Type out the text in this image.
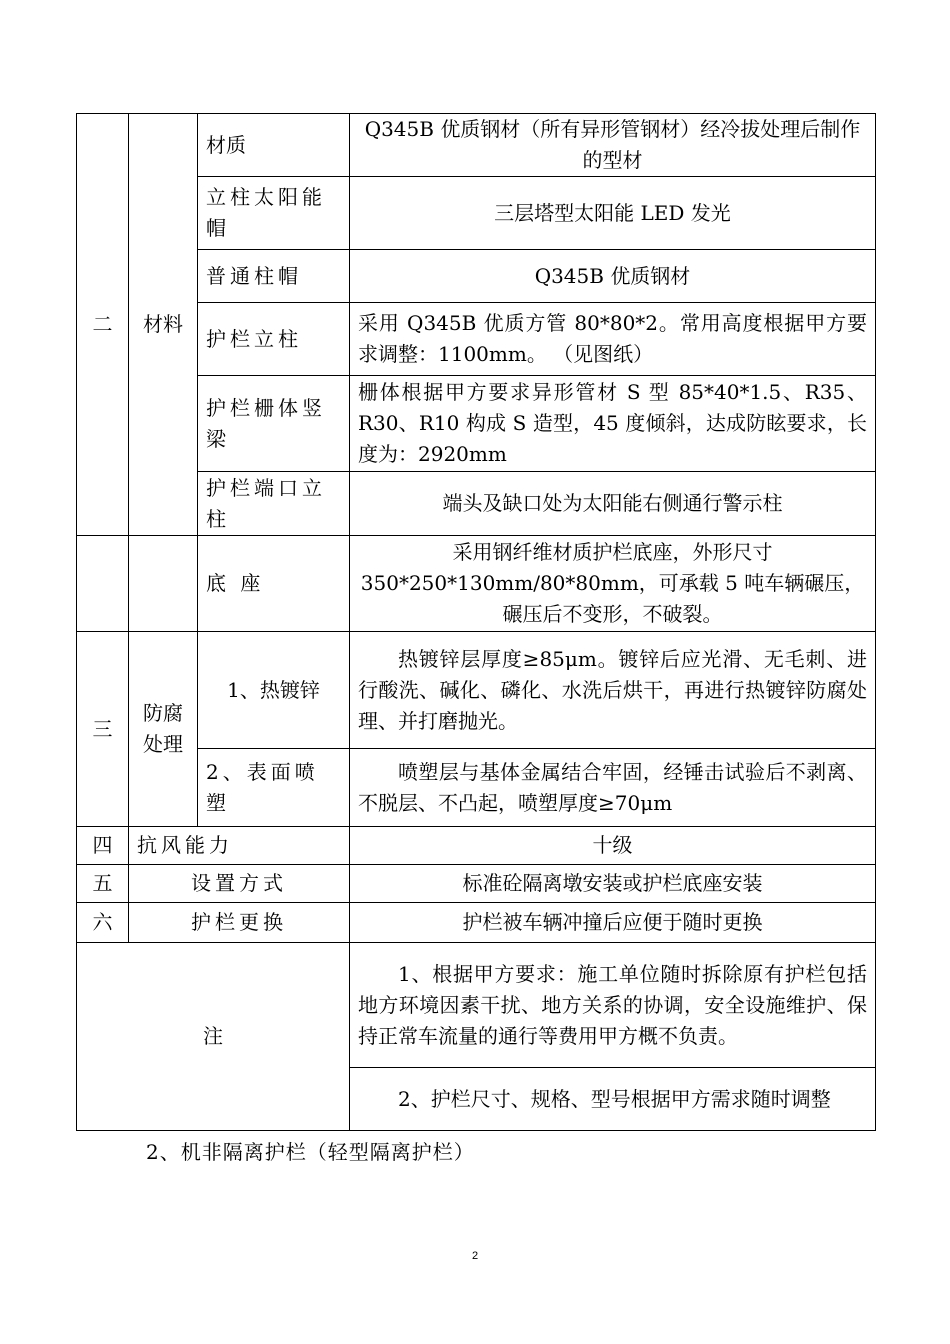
二	材料	材质	Q345B 优质钢材（所有异形管钢材）经冷拔处理后制作的型材
		立柱太阳能帽	三层塔型太阳能 LED 发光
		普通柱帽	Q345B 优质钢材
		护栏立柱	采用 Q345B 优质方管 80*80*2。常用高度根据甲方要求调整：1100mm。 （见图纸）
		护栏栅体竖梁	栅体根据甲方要求异形管材 S 型 85*40*1.5、R35、R30、R10 构成 S 造型，45 度倾斜，达成防眩要求，长度为：2920mm
		护栏端口立柱	端头及缺口处为太阳能右侧通行警示柱
		底 座	采用钢纤维材质护栏底座，外形尺寸 350*250*130mm/80*80mm，可承载 5 吨车辆碾压，碾压后不变形，不破裂。
三	防腐处理	1、热镀锌	热镀锌层厚度≥85μm。镀锌后应光滑、无毛刺、进行酸洗、碱化、磷化、水洗后烘干，再进行热镀锌防腐处理、并打磨抛光。
		2、表面喷塑	喷塑层与基体金属结合牢固，经锤击试验后不剥离、不脱层、不凸起，喷塑厚度≥70μm
四	抗风能力		十级
五	设置方式		标准砼隔离墩安装或护栏底座安装
六	护栏更换		护栏被车辆冲撞后应便于随时更换
注			1、根据甲方要求：施工单位随时拆除原有护栏包括地方环境因素干扰、地方关系的协调，安全设施维护、保持正常车流量的通行等费用甲方概不负责。
			2、护栏尺寸、规格、型号根据甲方需求随时调整
2、机非隔离护栏（轻型隔离护栏）
2
